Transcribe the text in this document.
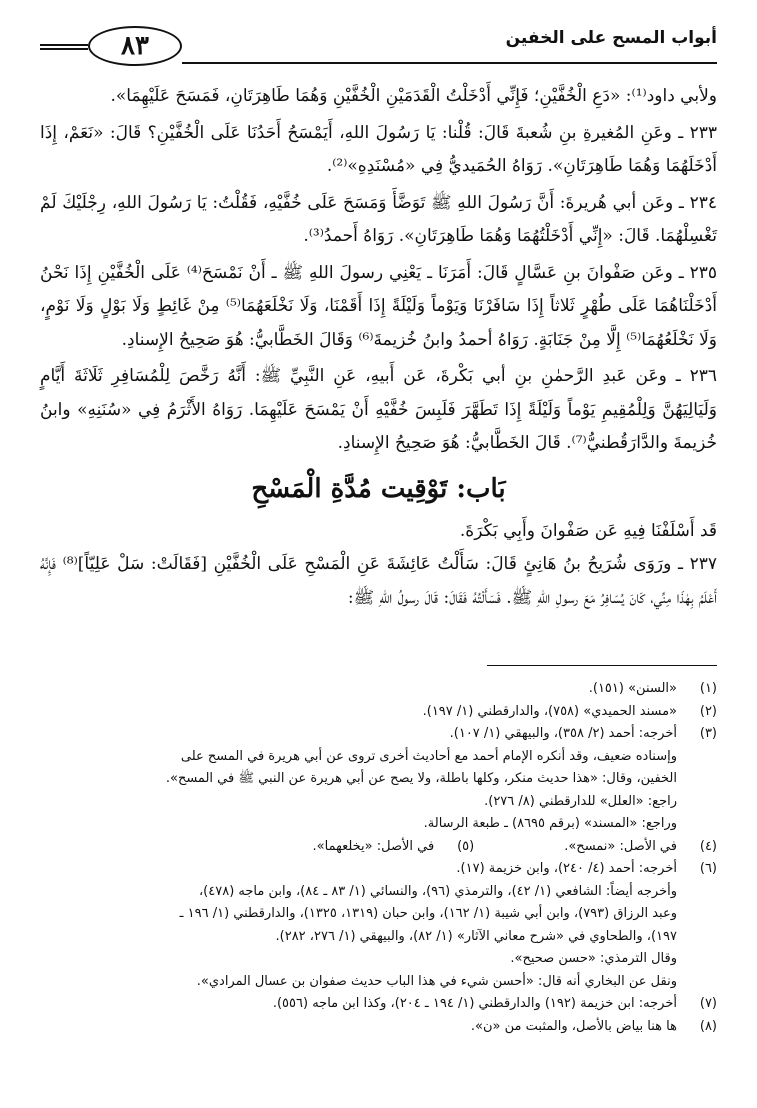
٨٣	أبواب المسح على الخفين

ولأبي داود⁽¹⁾: «دَعِ الْخُفَّيْنِ؛ فَإِنِّي أَدْخَلْتُ الْقَدَمَيْنِ الْخُفَّيْنِ وَهُمَا طَاهِرَتَانِ، فَمَسَحَ عَلَيْهِمَا».

٢٣٣ ـ وعَنِ المُغيرةِ بنِ شُعبةَ قَالَ: قُلْنا: يَا رَسُولَ اللهِ، أَيَمْسَحُ أَحَدُنَا عَلَى الْخُفَّيْنِ؟ قَالَ: «نَعَمْ، إِذَا أَدْخَلَهُمَا وَهُمَا طَاهِرَتَانِ». رَوَاهُ الحُمَيديُّ فِي «مُسْنَدِهِ»⁽²⁾.

٢٣٤ ـ وعَن أبي هُريرةَ: أَنَّ رَسُولَ اللهِ ﷺ تَوَضَّأَ وَمَسَحَ عَلَى خُفَّيْهِ، فَقُلْتُ: يَا رَسُولَ اللهِ، رِجْلَيْكَ لَمْ تَغْسِلْهُمَا. قَالَ: «إِنِّي أَدْخَلْتُهُمَا وَهُمَا طَاهِرَتَانِ». رَوَاهُ أَحمدُ⁽³⁾.

٢٣٥ ـ وعَن صَفْوانَ بنِ عَسَّالٍ قَالَ: أَمَرَنَا ـ يَعْنِي رسولَ اللهِ ﷺ ـ أَنْ نَمْسَحَ⁽⁴⁾ عَلَى الْخُفَّيْنِ إِذَا نَحْنُ أَدْخَلْنَاهُمَا عَلَى طُهْرٍ ثَلاثاً إِذَا سَافَرْنَا وَيَوْماً وَلَيْلَةً إِذَا أَقَمْنَا، وَلَا نَخْلَعَهُمَا⁽⁵⁾ مِنْ غَائِطٍ وَلَا بَوْلٍ وَلَا نَوْمٍ، وَلَا نَخْلَعُهُمَا⁽⁵⁾ إِلَّا مِنْ جَنَابَةٍ. رَوَاهُ أحمدُ وابنُ خُزيمةَ⁽⁶⁾ وَقَالَ الخَطَّابيُّ: هُوَ صَحِيحُ الإِسنادِ.

٢٣٦ ـ وعَن عَبدِ الرَّحمٰنِ بنِ أبي بَكْرةَ، عَن أَبيهِ، عَنِ النَّبِيِّ ﷺ: أَنَّهُ رَخَّصَ لِلْمُسَافِرِ ثَلَاثَةَ أَيَّامٍ وَلَيَالِيَهُنَّ وَلِلْمُقِيمِ يَوْماً وَلَيْلَةً إِذَا تَطَهَّرَ فَلَبِسَ خُفَّيْهِ أَنْ يَمْسَحَ عَلَيْهِمَا. رَوَاهُ الأَثْرَمُ فِي «سُنَنِهِ» وابنُ خُزيمةَ والدَّارَقُطنيُّ⁽⁷⁾. قَالَ الخَطَّابيُّ: هُوَ صَحِيحُ الإِسنادِ.

بَاب: تَوْقِيت مُدَّةِ الْمَسْحِ

قَد أَسْلَفْنَا فِيهِ عَن صَفْوانَ وأَبِي بَكْرَةَ.

٢٣٧ ـ ورَوَى شُرَيحُ بنُ هَانِئٍ قَالَ: سَأَلْتُ عَائِشَةَ عَنِ الْمَسْحِ عَلَى الْخُفَّيْنِ [فَقَالَتْ: سَلْ عَلِيّاً]⁽⁸⁾ فَإِنَّهُ أَعْلَمُ بِهٰذَا مِنِّي، كَانَ يُسَافِرُ مَعَ رسولِ اللهِ ﷺ. فَسَأَلْتُهُ فَقَالَ: قَالَ رسولُ اللهِ ﷺ:

(١)
«السنن» (١٥١).
(٢)
«مسند الحميدي» (٧٥٨)، والدارقطني (١/ ١٩٧).
(٣)
أخرجه: أحمد (٢/ ٣٥٨)، والبيهقي (١/ ١٠٧).
وإسناده ضعيف، وقد أنكره الإمام أحمد مع أحاديث أخرى تروى عن أبي هريرة في المسح على
الخفين، وقال: «هذا حديث منكر، وكلها باطلة، ولا يصح عن أبي هريرة عن النبي ﷺ في المسح».
راجع: «العلل» للدارقطني (٨/ ٢٧٦).
وراجع: «المسند» (برقم ٨٦٩٥) ـ طبعة الرسالة.
(٤)
في الأصل: «نمسح».
(٥)
في الأصل: «يخلعهما».
(٦)
أخرجه: أحمد (٤/ ٢٤٠)، وابن خزيمة (١٧).
وأخرجه أيضاً: الشافعي (١/ ٤٢)، والترمذي (٩٦)، والنسائي (١/ ٨٣ ـ ٨٤)، وابن ماجه (٤٧٨)،
وعبد الرزاق (٧٩٣)، وابن أبي شيبة (١/ ١٦٢)، وابن حبان (١٣١٩، ١٣٢٥)، والدارقطني (١/ ١٩٦ ـ
١٩٧)، والطحاوي في «شرح معاني الآثار» (١/ ٨٢)، والبيهقي (١/ ٢٧٦، ٢٨٢).
وقال الترمذي: «حسن صحيح».
ونقل عن البخاري أنه قال: «أحسن شيء في هذا الباب حديث صفوان بن عسال المرادي».
(٧)
أخرجه: ابن خزيمة (١٩٢) والدارقطني (١/ ١٩٤ ـ ٢٠٤)، وكذا ابن ماجه (٥٥٦).
(٨)
ها هنا بياض بالأصل، والمثبت من «ن».
